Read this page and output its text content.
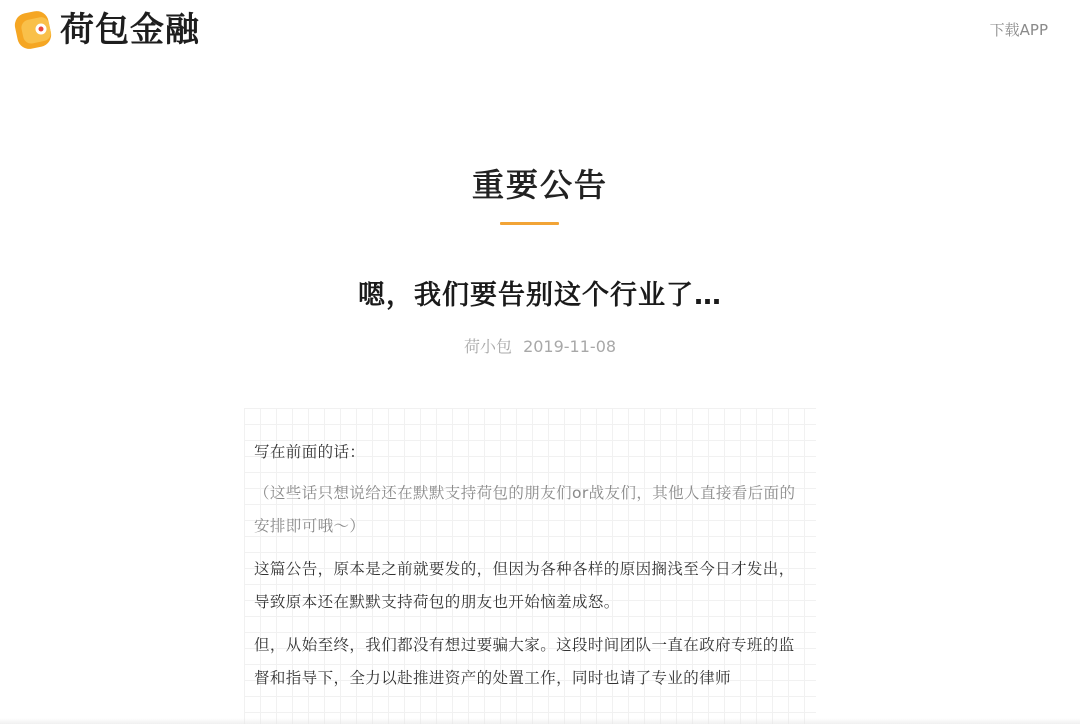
荷包金融	下载APP
重要公告
嗯，我们要告别这个行业了…
荷小包 2019-11-08

写在前面的话：

（这些话只想说给还在默默支持荷包的朋友们or战友们，其他人直接看后面的安排即可哦～）

这篇公告，原本是之前就要发的，但因为各种各样的原因搁浅至今日才发出，导致原本还在默默支持荷包的朋友也开始恼羞成怒。

但，从始至终，我们都没有想过要骗大家。这段时间团队一直在政府专班的监督和指导下，全力以赴推进资产的处置工作，同时也请了专业的律师
